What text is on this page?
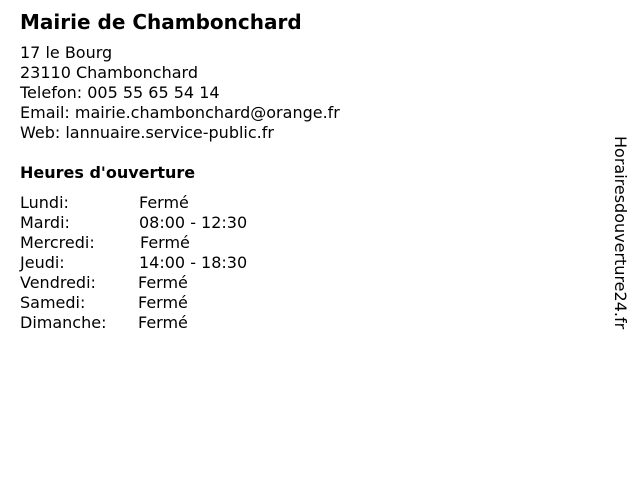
Mairie de Chambonchard
17 le Bourg
23110 Chambonchard
Telefon: 005 55 65 54 14
Email: mairie.chambonchard@orange.fr
Web: lannuaire.service-public.fr
Heures d'ouverture
Lundi:	Fermé
Mardi:	08:00 - 12:30
Mercredi:	Fermé
Jeudi:	14:00 - 18:30
Vendredi:	Fermé
Samedi:	Fermé
Dimanche: Fermé	Horairesdouverture24.fr
